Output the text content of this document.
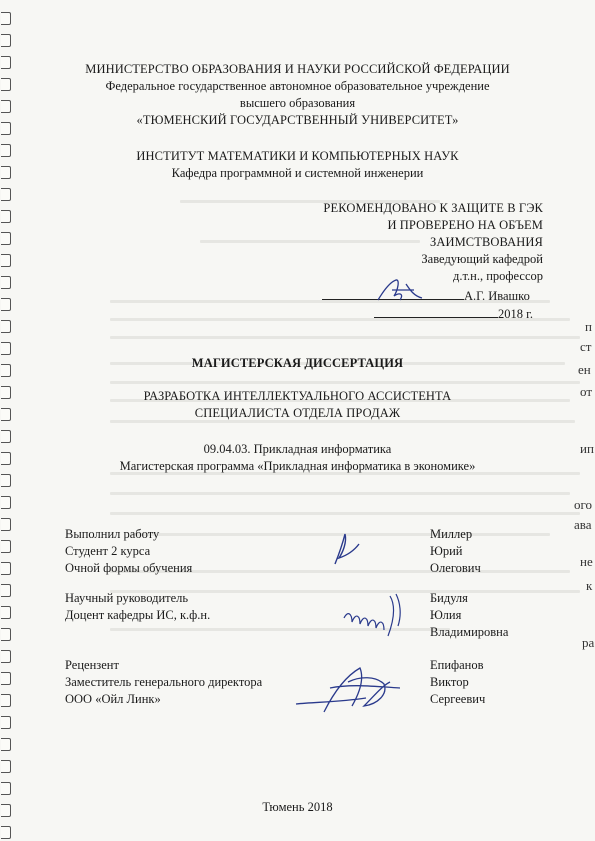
п
ст
ен
от
ип
ого
ава
не
к
ра
МИНИСТЕРСТВО ОБРАЗОВАНИЯ И НАУКИ РОССИЙСКОЙ ФЕДЕРАЦИИ
Федеральное государственное автономное образовательное учреждение
высшего образования
«ТЮМЕНСКИЙ ГОСУДАРСТВЕННЫЙ УНИВЕРСИТЕТ»
ИНСТИТУТ МАТЕМАТИКИ И КОМПЬЮТЕРНЫХ НАУК
Кафедра программной и системной инженерии
РЕКОМЕНДОВАНО К ЗАЩИТЕ В ГЭК
И ПРОВЕРЕНО НА ОБЪЕМ
ЗАИМСТВОВАНИЯ
Заведующий кафедрой
д.т.н., профессор
А.Г. Ивашко
2018 г.
МАГИСТЕРСКАЯ ДИССЕРТАЦИЯ
РАЗРАБОТКА ИНТЕЛЛЕКТУАЛЬНОГО АССИСТЕНТА
СПЕЦИАЛИСТА ОТДЕЛА ПРОДАЖ
09.04.03. Прикладная информатика
Магистерская программа «Прикладная информатика в экономике»
Выполнил работу
Студент 2 курса
Очной формы обучения
Миллер
Юрий
Олегович
Научный руководитель
Доцент кафедры ИС, к.ф.н.
Бидуля
Юлия
Владимировна
Рецензент
Заместитель генерального директора
ООО «Ойл Линк»
Епифанов
Виктор
Сергеевич
Тюмень 2018
